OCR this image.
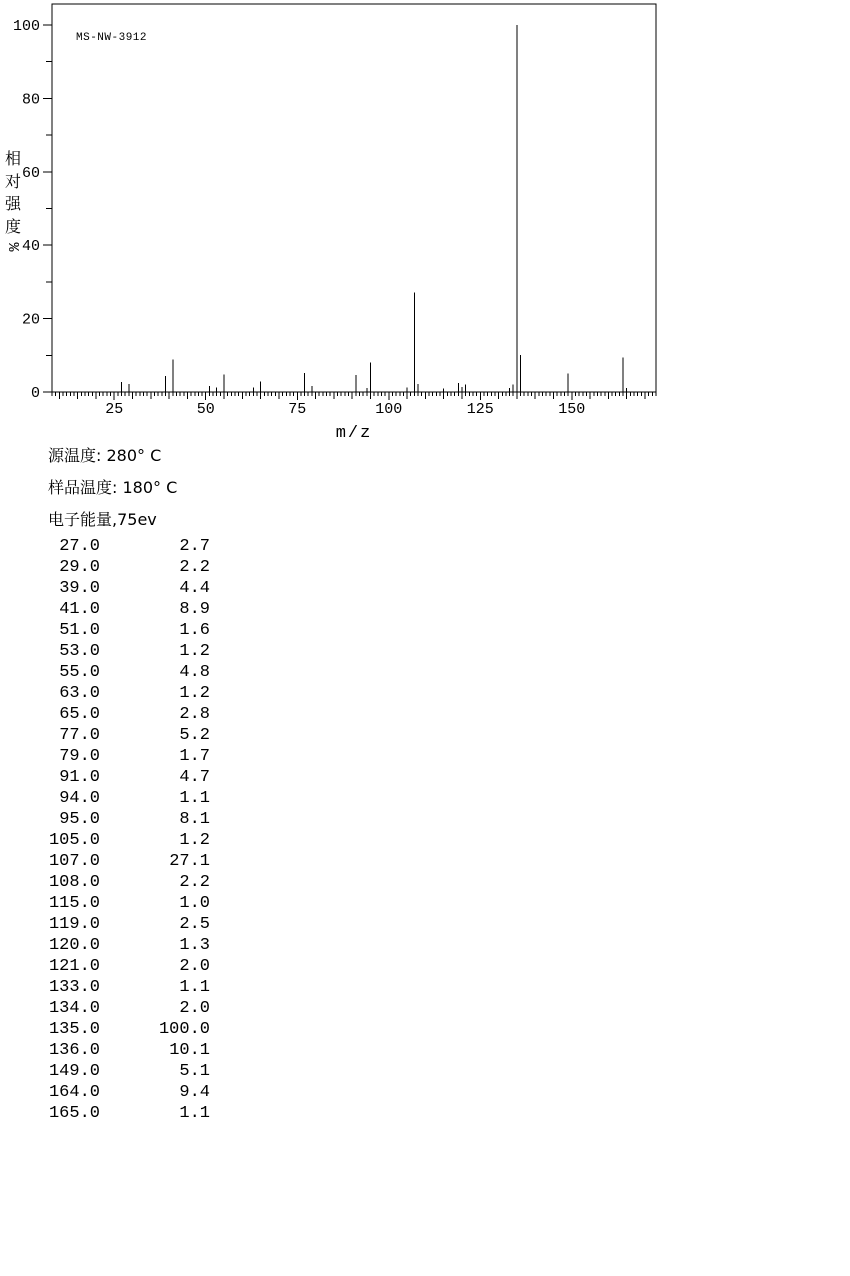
25	50	75	100	125	150
0
20
40
60
80
100
MS-NW-3912
相对强度
%
m/z
源温度: 280° C
样品温度: 180° C
电子能量,75ev
27.0	2.7
29.0	2.2
39.0	4.4
41.0	8.9
51.0	1.6
53.0	1.2
55.0	4.8
63.0	1.2
65.0	2.8
77.0	5.2
79.0	1.7
91.0	4.7
94.0	1.1
95.0	8.1
105.0	1.2
107.0	27.1
108.0	2.2
115.0	1.0
119.0	2.5
120.0	1.3
121.0	2.0
133.0	1.1
134.0	2.0
135.0	100.0
136.0	10.1
149.0	5.1
164.0	9.4
165.0	1.1
